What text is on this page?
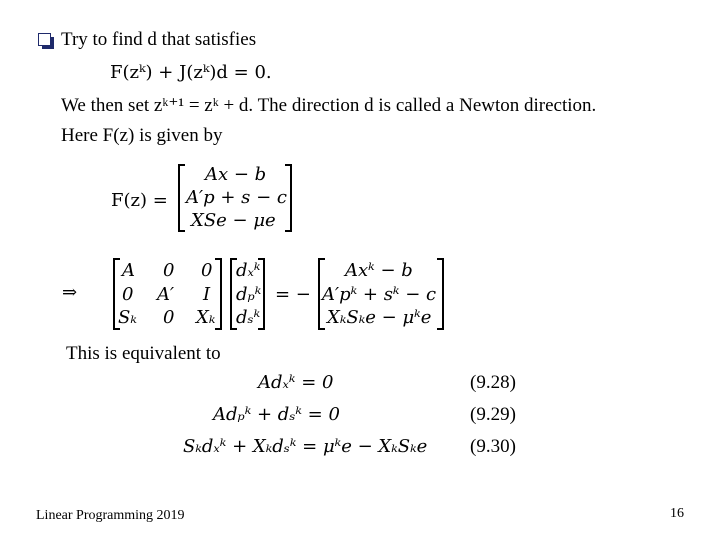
Try to find d that satisfies
F(zᵏ) + J(zᵏ)d = 0.
We then set zᵏ⁺¹ = zᵏ + d. The direction d is called a Newton direction.
Here F(z) is given by
F(z) =
Ax − b
A′p + s − c
XSe − μe
⇒
A 0 0
0 A′ I
Sₖ 0 Xₖ
dₓᵏ
dₚᵏ
dₛᵏ
= −
Axᵏ − b
A′pᵏ + sᵏ − c
XₖSₖe − μᵏe
This is equivalent to
Adₓᵏ = 0	(9.28)
Adₚᵏ + dₛᵏ = 0	(9.29)
Sₖdₓᵏ + Xₖdₛᵏ = μᵏe − XₖSₖe (9.30)
Linear Programming 2019	16
